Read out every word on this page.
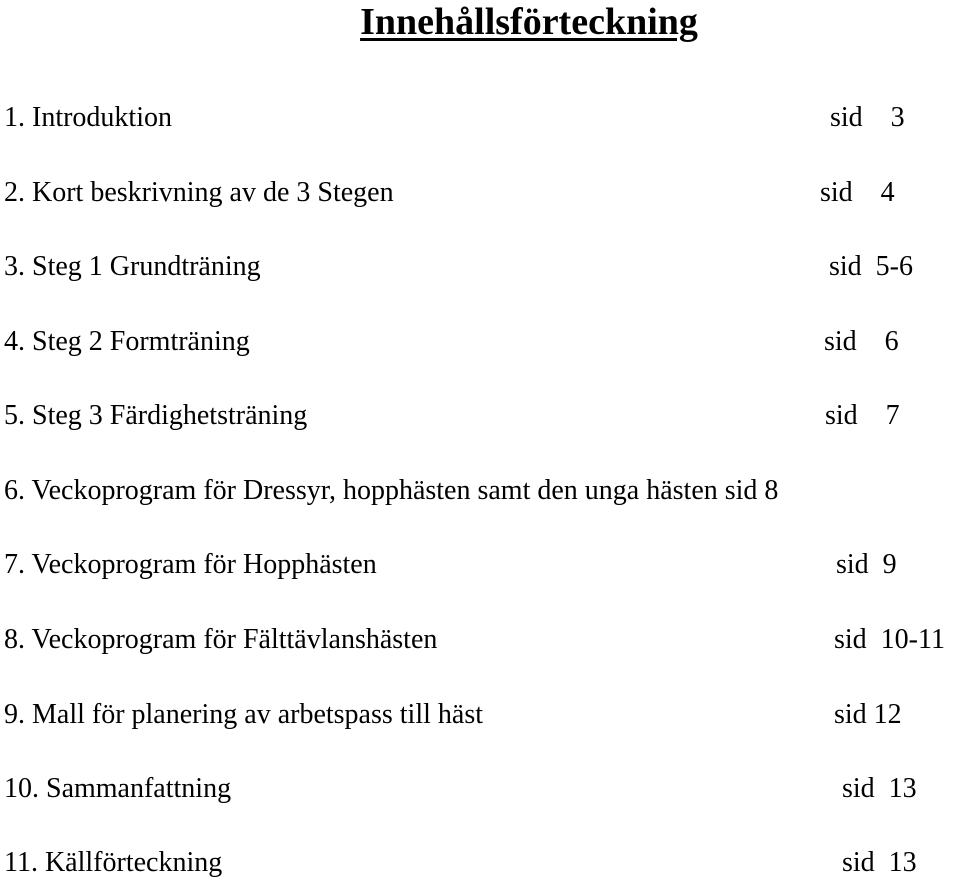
Innehållsförteckning
1. Introduktion	sid    3
2. Kort beskrivning av de 3 Stegen	sid    4
3. Steg 1 Grundträning	sid  5-6
4. Steg 2 Formträning	sid    6
5. Steg 3 Färdighetsträning	sid    7
6. Veckoprogram för Dressyr, hopphästen samt den unga hästen sid 8
7. Veckoprogram för Hopphästen	sid  9
8. Veckoprogram för Fälttävlanshästen	sid  10-11
9. Mall för planering av arbetspass till häst	sid 12
10. Sammanfattning	sid  13
11. Källförteckning	sid  13
